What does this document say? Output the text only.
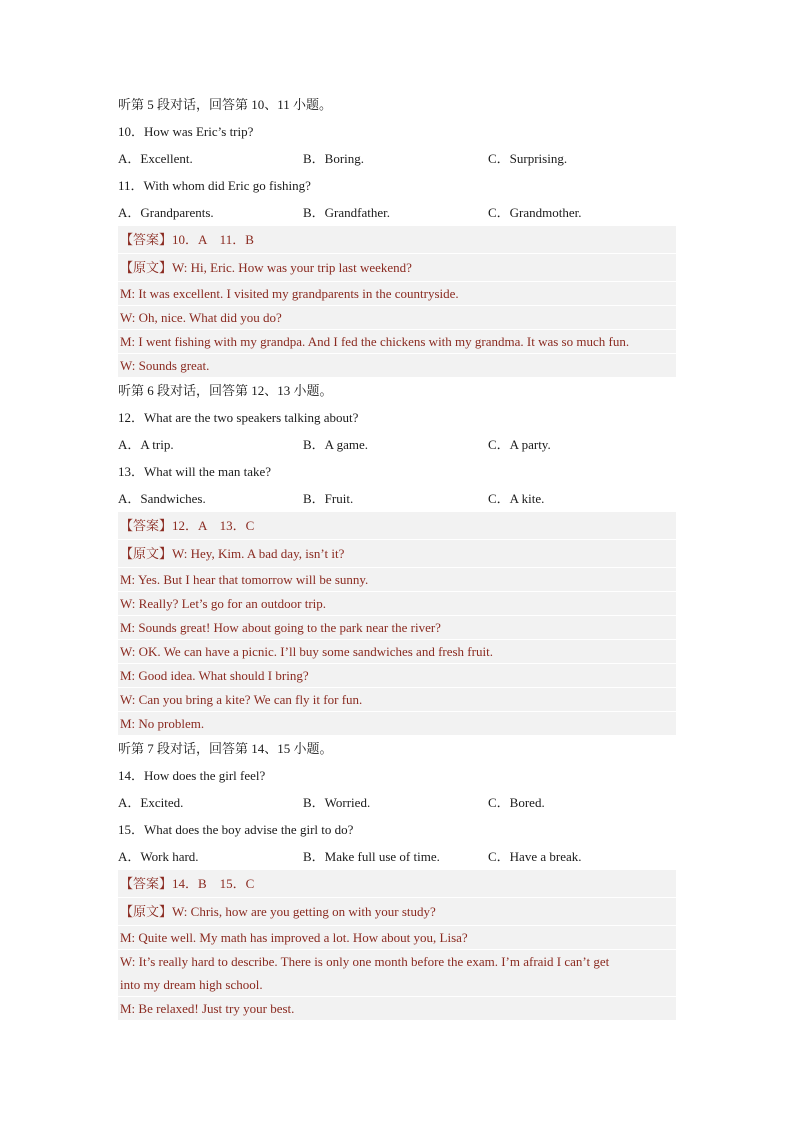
听第 5 段对话，回答第 10、11 小题。
10．How was Eric’s trip?
A．Excellent.	B．Boring.	C．Surprising.
11．With whom did Eric go fishing?
A．Grandparents.	B．Grandfather.	C．Grandmother.
【答案】10．A　11．B
【原文】W: Hi, Eric. How was your trip last weekend?
M: It was excellent. I visited my grandparents in the countryside.
W: Oh, nice. What did you do?
M: I went fishing with my grandpa. And I fed the chickens with my grandma. It was so much fun.
W: Sounds great.
听第 6 段对话，回答第 12、13 小题。
12．What are the two speakers talking about?
A．A trip.	B．A game.	C．A party.
13．What will the man take?
A．Sandwiches.	B．Fruit.	C．A kite.
【答案】12．A　13．C
【原文】W: Hey, Kim. A bad day, isn’t it?
M: Yes. But I hear that tomorrow will be sunny.
W: Really? Let’s go for an outdoor trip.
M: Sounds great! How about going to the park near the river?
W: OK. We can have a picnic. I’ll buy some sandwiches and fresh fruit.
M: Good idea. What should I bring?
W: Can you bring a kite? We can fly it for fun.
M: No problem.
听第 7 段对话，回答第 14、15 小题。
14．How does the girl feel?
A．Excited.	B．Worried.	C．Bored.
15．What does the boy advise the girl to do?
A．Work hard.	B．Make full use of time.	C．Have a break.
【答案】14．B　15．C
【原文】W: Chris, how are you getting on with your study?
M: Quite well. My math has improved a lot. How about you, Lisa?
W: It’s really hard to describe. There is only one month before the exam. I’m afraid I can’t get
into my dream high school.
M: Be relaxed! Just try your best.
